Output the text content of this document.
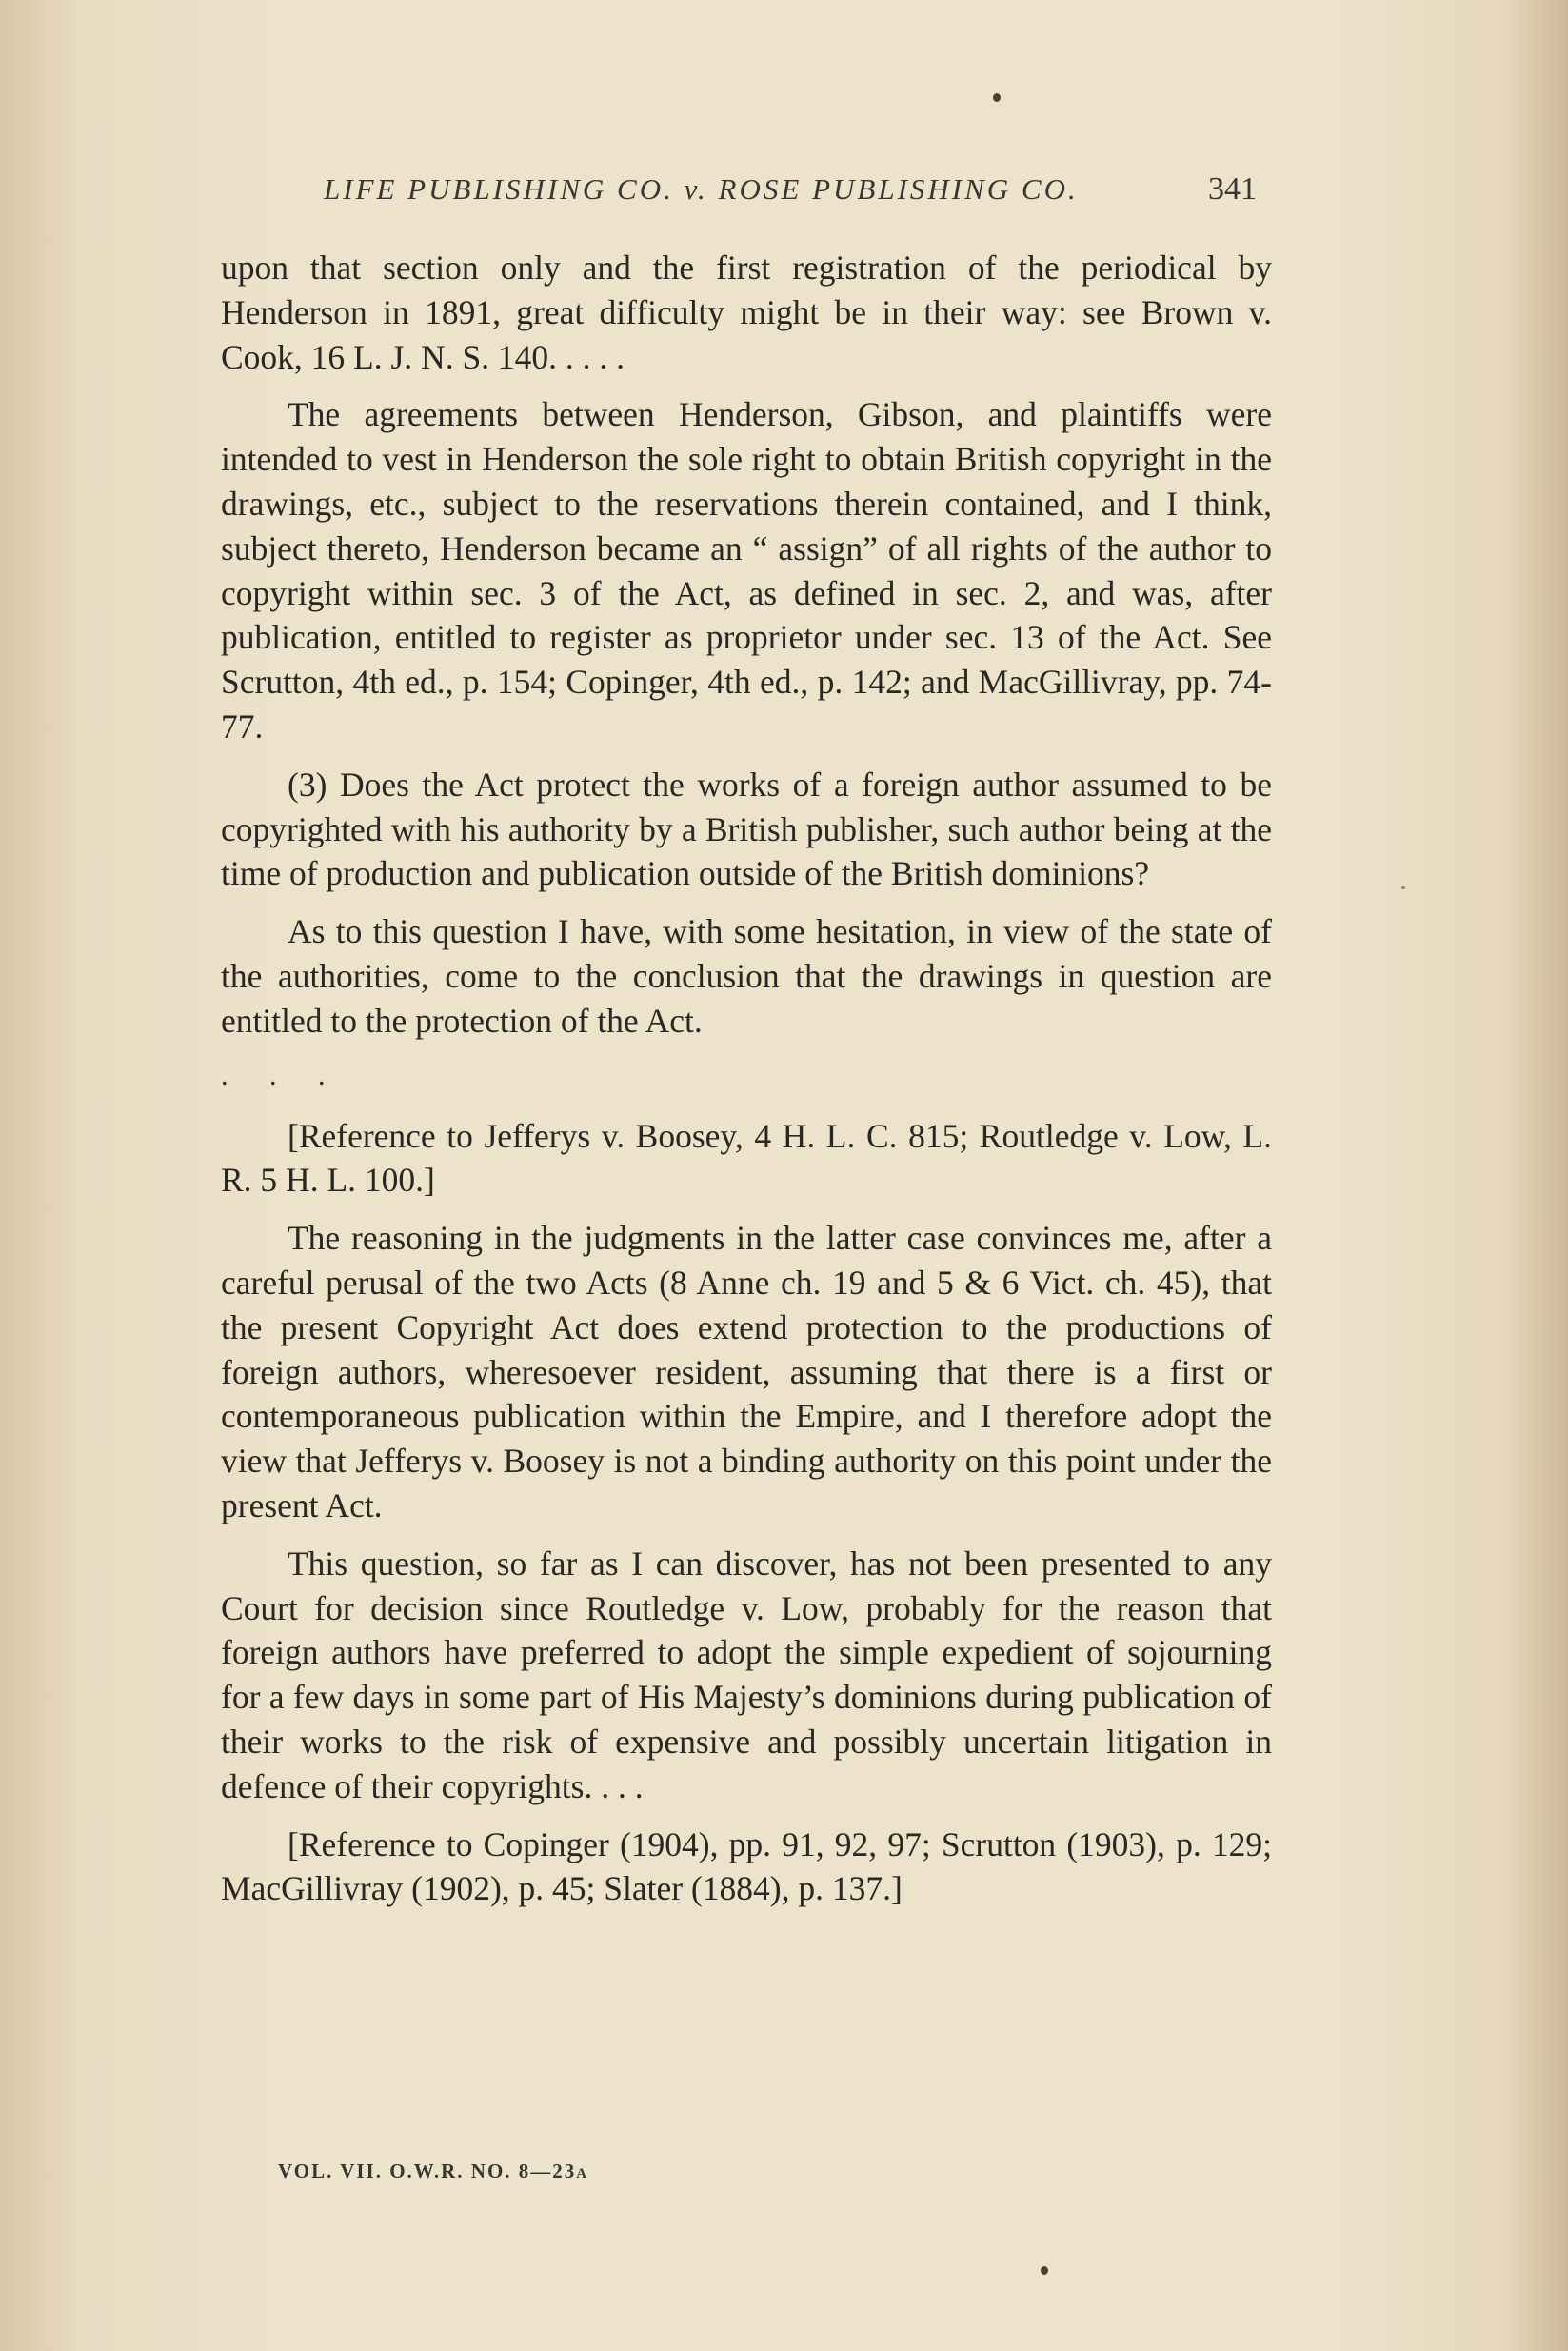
LIFE PUBLISHING CO. v. ROSE PUBLISHING CO.	341

upon that section only and the first registration of the periodical by Henderson in 1891, great difficulty might be in their way: see Brown v. Cook, 16 L. J. N. S. 140. . . . .

The agreements between Henderson, Gibson, and plaintiffs were intended to vest in Henderson the sole right to obtain British copyright in the drawings, etc., subject to the reservations therein contained, and I think, subject thereto, Henderson became an “ assign” of all rights of the author to copyright within sec. 3 of the Act, as defined in sec. 2, and was, after publication, entitled to register as proprietor under sec. 13 of the Act. See Scrutton, 4th ed., p. 154; Copinger, 4th ed., p. 142; and MacGillivray, pp. 74-77.

(3) Does the Act protect the works of a foreign author assumed to be copyrighted with his authority by a British publisher, such author being at the time of production and publication outside of the British dominions?

As to this question I have, with some hesitation, in view of the state of the authorities, come to the conclusion that the drawings in question are entitled to the protection of the Act.

. . .

[Reference to Jefferys v. Boosey, 4 H. L. C. 815; Routledge v. Low, L. R. 5 H. L. 100.]

The reasoning in the judgments in the latter case convinces me, after a careful perusal of the two Acts (8 Anne ch. 19 and 5 & 6 Vict. ch. 45), that the present Copyright Act does extend protection to the productions of foreign authors, wheresoever resident, assuming that there is a first or contemporaneous publication within the Empire, and I therefore adopt the view that Jefferys v. Boosey is not a binding authority on this point under the present Act.

This question, so far as I can discover, has not been presented to any Court for decision since Routledge v. Low, probably for the reason that foreign authors have preferred to adopt the simple expedient of sojourning for a few days in some part of His Majesty’s dominions during publication of their works to the risk of expensive and possibly uncertain litigation in defence of their copyrights. . . .

[Reference to Copinger (1904), pp. 91, 92, 97; Scrutton (1903), p. 129; MacGillivray (1902), p. 45; Slater (1884), p. 137.]

VOL. VII. O.W.R. NO. 8—23a
